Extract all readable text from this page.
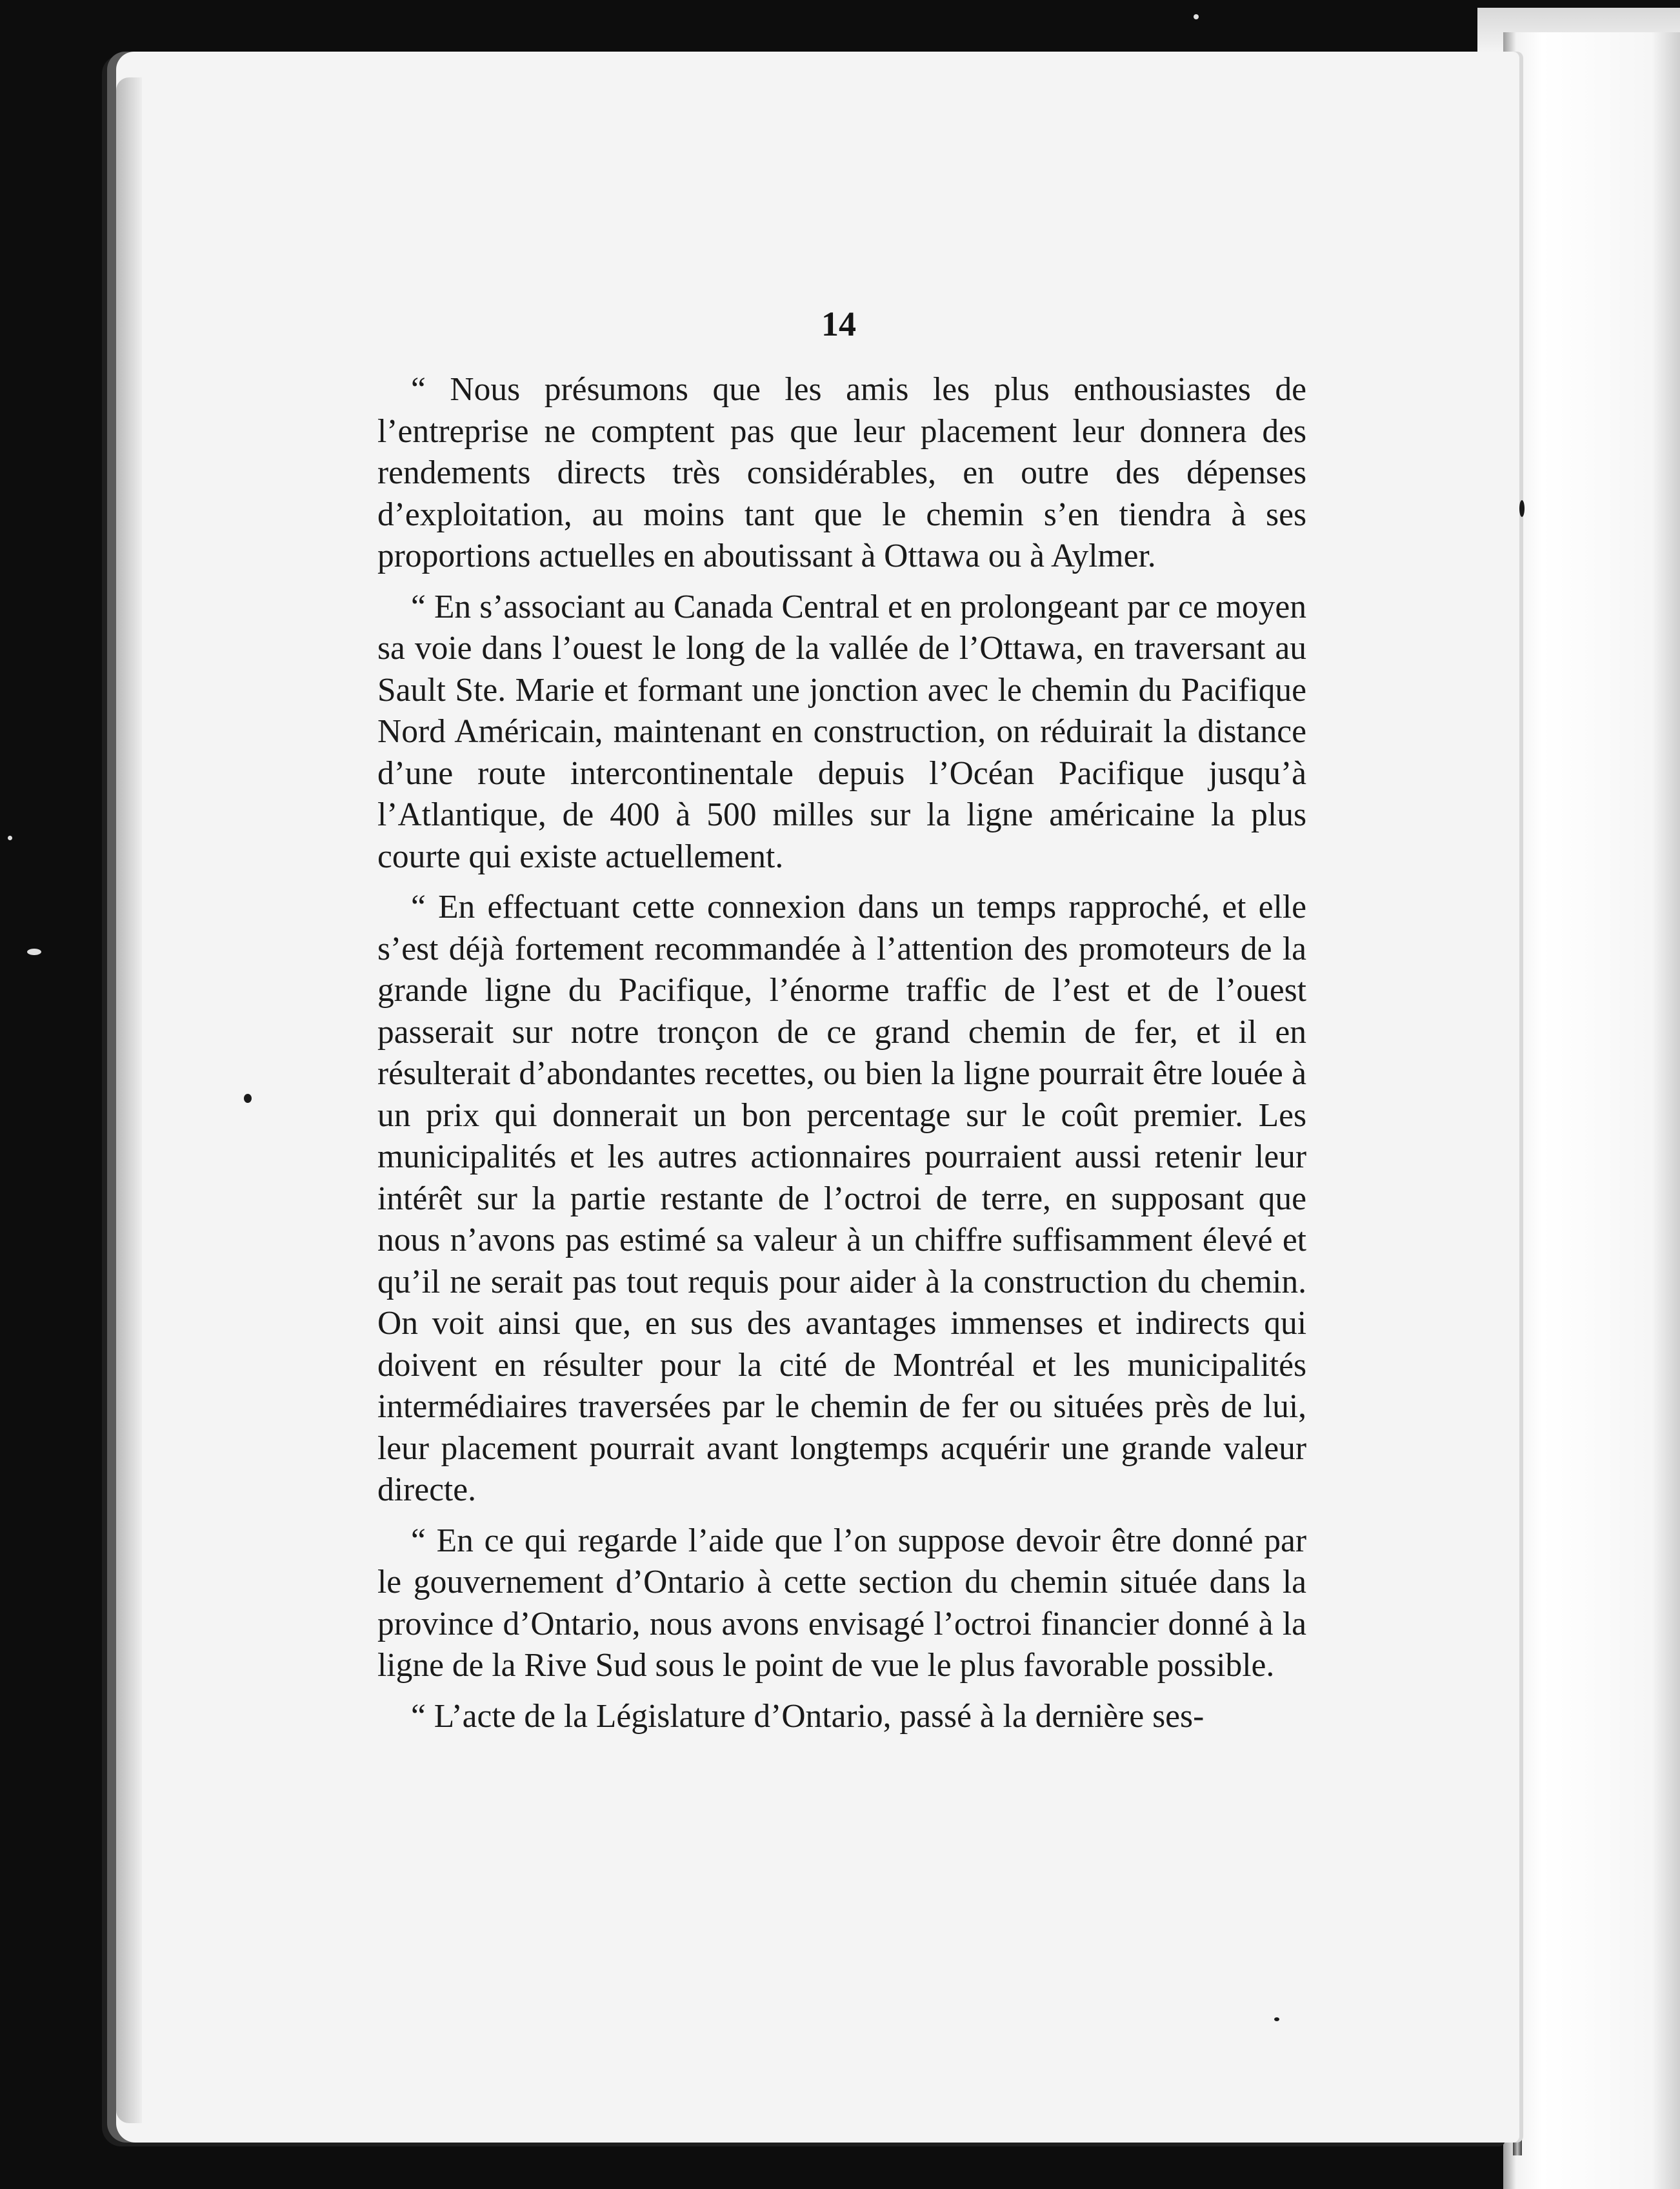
14

“ Nous présumons que les amis les plus enthousiastes de l’entreprise ne comptent pas que leur placement leur donnera des rendements directs très considérables, en outre des dépenses d’exploitation, au moins tant que le chemin s’en tiendra à ses proportions actuelles en aboutissant à Ottawa ou à Aylmer.

“ En s’associant au Canada Central et en prolongeant par ce moyen sa voie dans l’ouest le long de la vallée de l’Ottawa, en traversant au Sault Ste. Marie et formant une jonction avec le chemin du Pacifique Nord Américain, maintenant en construction, on réduirait la distance d’une route intercontinentale depuis l’Océan Pacifique jusqu’à l’Atlantique, de 400 à 500 milles sur la ligne américaine la plus courte qui existe actuellement.

“ En effectuant cette connexion dans un temps rapproché, et elle s’est déjà fortement recommandée à l’attention des promoteurs de la grande ligne du Pacifique, l’énorme traffic de l’est et de l’ouest passerait sur notre tronçon de ce grand chemin de fer, et il en résulterait d’abondantes recettes, ou bien la ligne pourrait être louée à un prix qui donnerait un bon percentage sur le coût premier. Les municipalités et les autres actionnaires pourraient aussi retenir leur intérêt sur la partie restante de l’octroi de terre, en supposant que nous n’avons pas estimé sa valeur à un chiffre suffisamment élevé et qu’il ne serait pas tout requis pour aider à la construction du chemin. On voit ainsi que, en sus des avantages immenses et indirects qui doivent en résulter pour la cité de Montréal et les municipalités intermédiaires traversées par le chemin de fer ou situées près de lui, leur placement pourrait avant longtemps acquérir une grande valeur directe.

“ En ce qui regarde l’aide que l’on suppose devoir être donné par le gouvernement d’Ontario à cette section du chemin située dans la province d’Ontario, nous avons envisagé l’octroi financier donné à la ligne de la Rive Sud sous le point de vue le plus favorable possible.

“ L’acte de la Législature d’Ontario, passé à la dernière ses-
